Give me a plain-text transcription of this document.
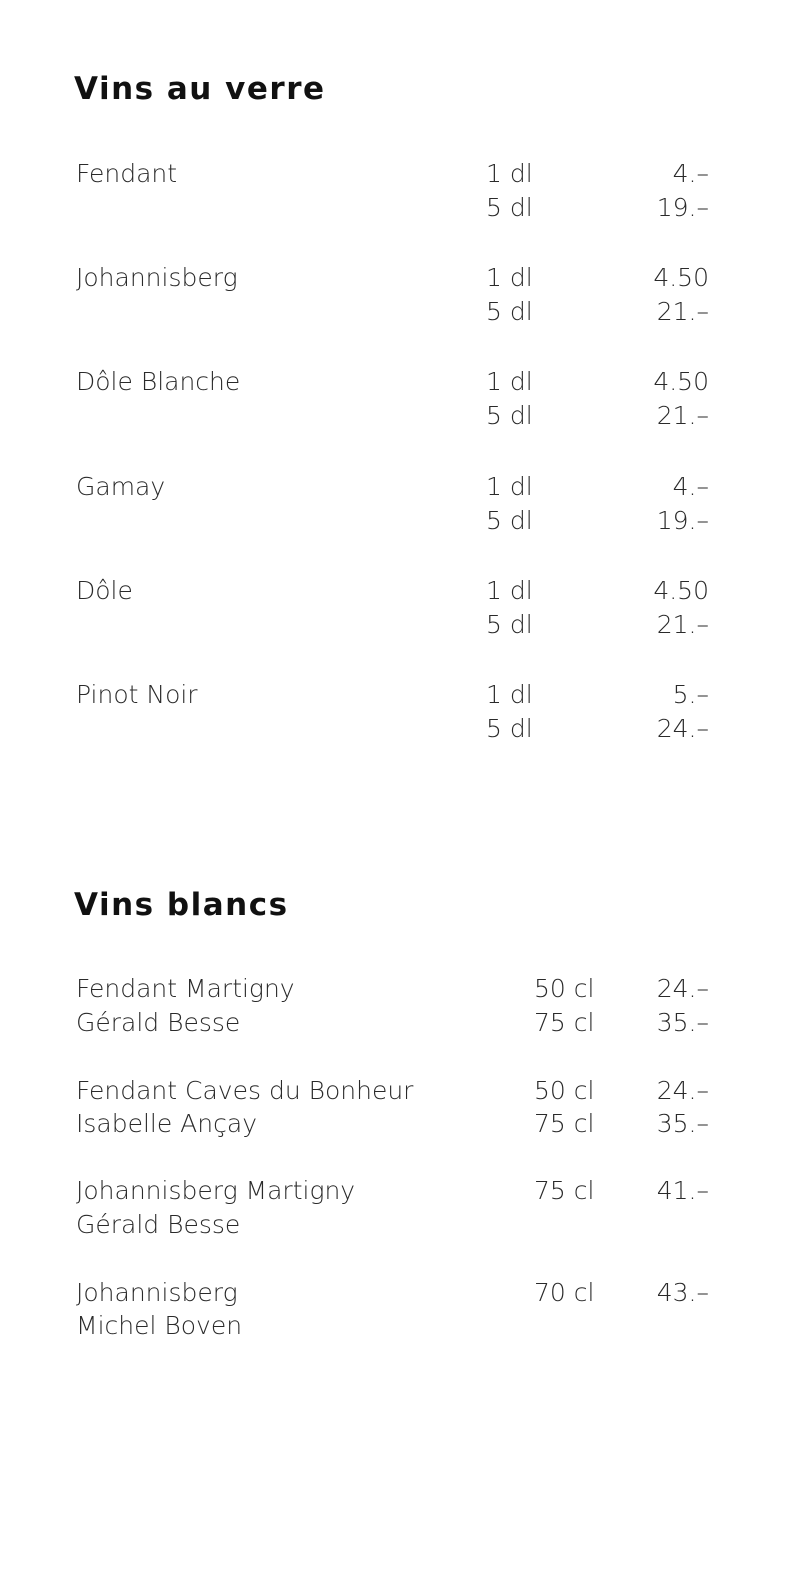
Vins au verre
Fendant	1 dl	4.–
5 dl	19.–
Johannisberg	1 dl	4.50
5 dl	21.–
Dôle Blanche	1 dl	4.50
5 dl	21.–
Gamay	1 dl	4.–
5 dl	19.–
Dôle	1 dl	4.50
5 dl	21.–
Pinot Noir	1 dl	5.–
5 dl	24.–
Vins blancs
Fendant Martigny	50 cl 24.–
Gérald Besse	75 cl 35.–
Fendant Caves du Bonheur	50 cl 24.–
Isabelle Ançay	75 cl 35.–
Johannisberg Martigny	75 cl 41.–
Gérald Besse
Johannisberg	70 cl 43.–
Michel Boven
